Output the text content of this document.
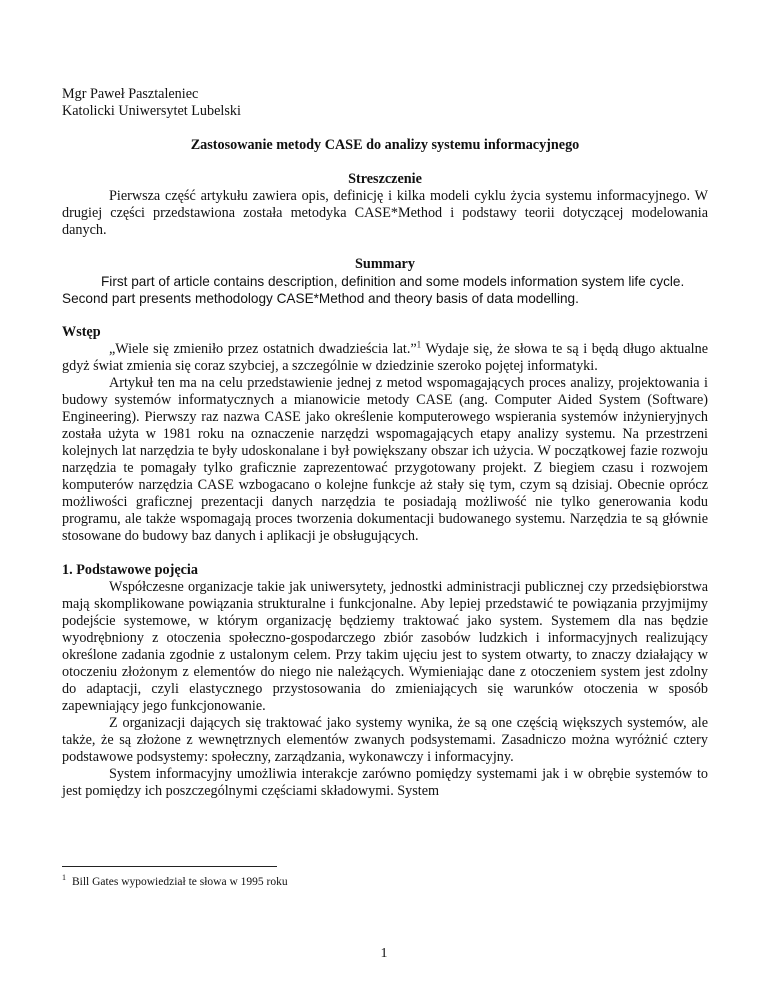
Mgr Paweł Pasztaleniec

Katolicki Uniwersytet Lubelski

Zastosowanie metody CASE do analizy systemu informacyjnego

Streszczenie

Pierwsza część artykułu zawiera opis, definicję i kilka modeli cyklu życia systemu informacyjnego. W drugiej części przedstawiona została metodyka CASE*Method i podstawy teorii dotyczącej modelowania danych.

Summary

First part of article contains description, definition and some models information system life cycle. Second part presents methodology CASE*Method and theory basis of data modelling.

Wstęp

„Wiele się zmieniło przez ostatnich dwadzieścia lat.”$^1$ Wydaje się, że słowa te są i będą długo aktualne gdyż świat zmienia się coraz szybciej, a szczególnie w dziedzinie szeroko pojętej informatyki.

Artykuł ten ma na celu przedstawienie jednej z metod wspomagających proces analizy, projektowania i budowy systemów informatycznych a mianowicie metody CASE (ang. Computer Aided System (Software) Engineering). Pierwszy raz nazwa CASE jako określenie komputerowego wspierania systemów inżynieryjnych została użyta w 1981 roku na oznaczenie narzędzi wspomagających etapy analizy systemu. Na przestrzeni kolejnych lat narzędzia te były udoskonalane i był powiększany obszar ich użycia. W początkowej fazie rozwoju narzędzia te pomagały tylko graficznie zaprezentować przygotowany projekt. Z biegiem czasu i rozwojem komputerów narzędzia CASE wzbogacano o kolejne funkcje aż stały się tym, czym są dzisiaj. Obecnie oprócz możliwości graficznej prezentacji danych narzędzia te posiadają możliwość nie tylko generowania kodu programu, ale także wspomagają proces tworzenia dokumentacji budowanego systemu. Narzędzia te są głównie stosowane do budowy baz danych i aplikacji je obsługujących.

1. Podstawowe pojęcia

Współczesne organizacje takie jak uniwersytety, jednostki administracji publicznej czy przedsiębiorstwa mają skomplikowane powiązania strukturalne i funkcjonalne. Aby lepiej przedstawić te powiązania przyjmijmy podejście systemowe, w którym organizację będziemy traktować jako system. Systemem dla nas będzie wyodrębniony z otoczenia społeczno-gospodarczego zbiór zasobów ludzkich i informacyjnych realizujący określone zadania zgodnie z ustalonym celem. Przy takim ujęciu jest to system otwarty, to znaczy działający w otoczeniu złożonym z elementów do niego nie należących. Wymieniając dane z otoczeniem system jest zdolny do adaptacji, czyli elastycznego przystosowania do zmieniających się warunków otoczenia w sposób zapewniający jego funkcjonowanie.

Z organizacji dających się traktować jako systemy wynika, że są one częścią większych systemów, ale także, że są złożone z wewnętrznych elementów zwanych podsystemami. Zasadniczo można wyróżnić cztery podstawowe podsystemy: społeczny, zarządzania, wykonawczy i informacyjny.

System informacyjny umożliwia interakcje zarówno pomiędzy systemami jak i w obrębie systemów to jest pomiędzy ich poszczególnymi częściami składowymi. System

$^1$ Bill Gates wypowiedział te słowa w 1995 roku

1
